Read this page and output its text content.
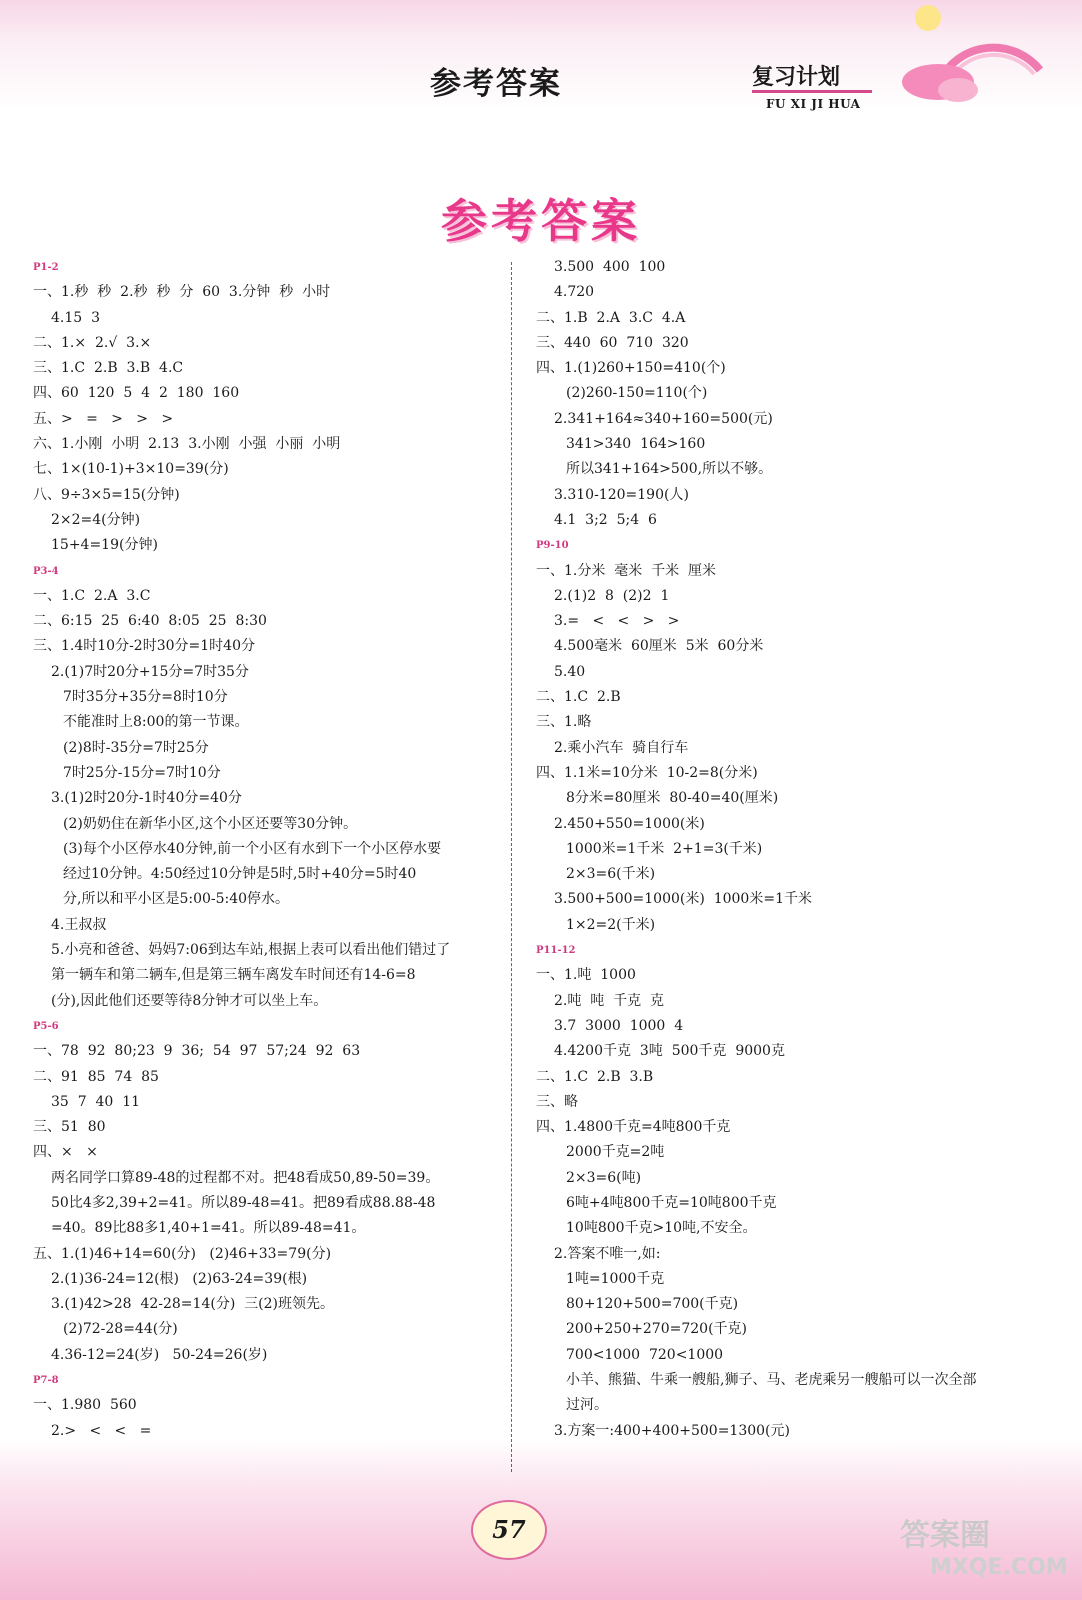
参考答案	复习计划
FU XI JI HUA
参考答案
P1-2
一、1.秒  秒  2.秒  秒  分  60  3.分钟  秒  小时
4.15  3
二、1.×  2.√  3.×
三、1.C  2.B  3.B  4.C
四、60  120  5  4  2  180  160
五、>   =   >   >   >
六、1.小刚  小明  2.13  3.小刚  小强  小丽  小明
七、1×(10-1)+3×10=39(分)
八、9÷3×5=15(分钟)
2×2=4(分钟)
15+4=19(分钟)
P3-4
一、1.C  2.A  3.C
二、6:15  25  6:40  8:05  25  8:30
三、1.4时10分-2时30分=1时40分
2.(1)7时20分+15分=7时35分
7时35分+35分=8时10分
不能准时上8:00的第一节课。
(2)8时-35分=7时25分
7时25分-15分=7时10分
3.(1)2时20分-1时40分=40分
(2)奶奶住在新华小区,这个小区还要等30分钟。
(3)每个小区停水40分钟,前一个小区有水到下一个小区停水要
经过10分钟。4:50经过10分钟是5时,5时+40分=5时40
分,所以和平小区是5:00-5:40停水。
4.王叔叔
5.小亮和爸爸、妈妈7:06到达车站,根据上表可以看出他们错过了
第一辆车和第二辆车,但是第三辆车离发车时间还有14-6=8
(分),因此他们还要等待8分钟才可以坐上车。
P5-6
一、78  92  80;23  9  36;  54  97  57;24  92  63
二、91  85  74  85
35  7  40  11
三、51  80
四、×   ×
两名同学口算89-48的过程都不对。把48看成50,89-50=39。
50比4多2,39+2=41。所以89-48=41。把89看成88.88-48
=40。89比88多1,40+1=41。所以89-48=41。
五、1.(1)46+14=60(分)   (2)46+33=79(分)
2.(1)36-24=12(根)   (2)63-24=39(根)
3.(1)42>28  42-28=14(分)  三(2)班领先。
(2)72-28=44(分)
4.36-12=24(岁)   50-24=26(岁)
P7-8
一、1.980  560
2.>   <   <   =
3.500  400  100
4.720
二、1.B  2.A  3.C  4.A
三、440  60  710  320
四、1.(1)260+150=410(个)
(2)260-150=110(个)
2.341+164≈340+160=500(元)
341>340  164>160
所以341+164>500,所以不够。
3.310-120=190(人)
4.1  3;2  5;4  6
P9-10
一、1.分米  毫米  千米  厘米
2.(1)2  8  (2)2  1
3.=   <   <   >   >
4.500毫米  60厘米  5米  60分米
5.40
二、1.C  2.B
三、1.略
2.乘小汽车  骑自行车
四、1.1米=10分米  10-2=8(分米)
8分米=80厘米  80-40=40(厘米)
2.450+550=1000(米)
1000米=1千米  2+1=3(千米)
2×3=6(千米)
3.500+500=1000(米)  1000米=1千米
1×2=2(千米)
P11-12
一、1.吨  1000
2.吨  吨  千克  克
3.7  3000  1000  4
4.4200千克  3吨  500千克  9000克
二、1.C  2.B  3.B
三、略
四、1.4800千克=4吨800千克
2000千克=2吨
2×3=6(吨)
6吨+4吨800千克=10吨800千克
10吨800千克>10吨,不安全。
2.答案不唯一,如:
1吨=1000千克
80+120+500=700(千克)
200+250+270=720(千克)
700<1000  720<1000
小羊、熊猫、牛乘一艘船,狮子、马、老虎乘另一艘船可以一次全部
过河。
3.方案一:400+400+500=1300(元)
57	答案圈
MXQE.COM
